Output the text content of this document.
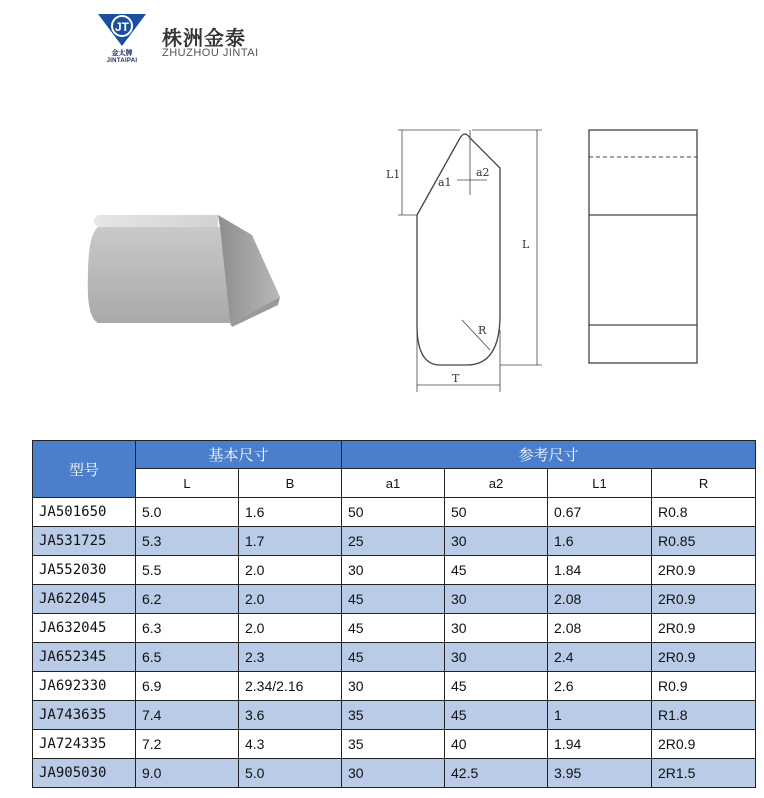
JT
金太牌
JINTAIPAI
株洲金泰
ZHUZHOU JINTAI
L1
a1
a2
L
R
T
型号	基本尺寸		参考尺寸			
	L	B	a1	a2	L1	R
JA501650	5.0	1.6	50	50	0.67	R0.8
JA531725	5.3	1.7	25	30	1.6	R0.85
JA552030	5.5	2.0	30	45	1.84	2R0.9
JA622045	6.2	2.0	45	30	2.08	2R0.9
JA632045	6.3	2.0	45	30	2.08	2R0.9
JA652345	6.5	2.3	45	30	2.4	2R0.9
JA692330	6.9	2.34/2.16	30	45	2.6	R0.9
JA743635	7.4	3.6	35	45	1	R1.8
JA724335	7.2	4.3	35	40	1.94	2R0.9
JA905030	9.0	5.0	30	42.5	3.95	2R1.5
